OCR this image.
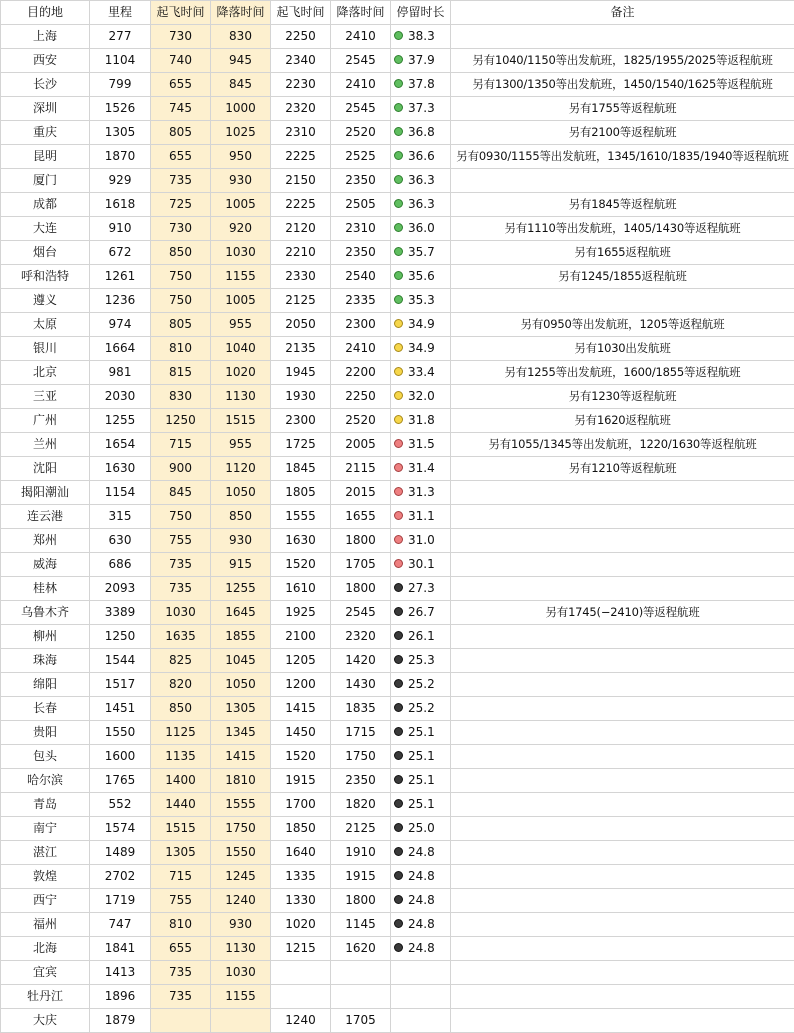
目的地	里程	起飞时间	降落时间	起飞时间	降落时间	停留时长	备注
上海	277	730	830	2250	2410	38.3	
西安	1104	740	945	2340	2545	37.9	另有1040/1150等出发航班，1825/1955/2025等返程航班
长沙	799	655	845	2230	2410	37.8	另有1300/1350等出发航班，1450/1540/1625等返程航班
深圳	1526	745	1000	2320	2545	37.3	另有1755等返程航班
重庆	1305	805	1025	2310	2520	36.8	另有2100等返程航班
昆明	1870	655	950	2225	2525	36.6	另有0930/1155等出发航班，1345/1610/1835/1940等返程航班
厦门	929	735	930	2150	2350	36.3	
成都	1618	725	1005	2225	2505	36.3	另有1845等返程航班
大连	910	730	920	2120	2310	36.0	另有1110等出发航班，1405/1430等返程航班
烟台	672	850	1030	2210	2350	35.7	另有1655返程航班
呼和浩特	1261	750	1155	2330	2540	35.6	另有1245/1855返程航班
遵义	1236	750	1005	2125	2335	35.3	
太原	974	805	955	2050	2300	34.9	另有0950等出发航班，1205等返程航班
银川	1664	810	1040	2135	2410	34.9	另有1030出发航班
北京	981	815	1020	1945	2200	33.4	另有1255等出发航班，1600/1855等返程航班
三亚	2030	830	1130	1930	2250	32.0	另有1230等返程航班
广州	1255	1250	1515	2300	2520	31.8	另有1620返程航班
兰州	1654	715	955	1725	2005	31.5	另有1055/1345等出发航班，1220/1630等返程航班
沈阳	1630	900	1120	1845	2115	31.4	另有1210等返程航班
揭阳潮汕	1154	845	1050	1805	2015	31.3	
连云港	315	750	850	1555	1655	31.1	
郑州	630	755	930	1630	1800	31.0	
威海	686	735	915	1520	1705	30.1	
桂林	2093	735	1255	1610	1800	27.3	
乌鲁木齐	3389	1030	1645	1925	2545	26.7	另有1745(−2410)等返程航班
柳州	1250	1635	1855	2100	2320	26.1	
珠海	1544	825	1045	1205	1420	25.3	
绵阳	1517	820	1050	1200	1430	25.2	
长春	1451	850	1305	1415	1835	25.2	
贵阳	1550	1125	1345	1450	1715	25.1	
包头	1600	1135	1415	1520	1750	25.1	
哈尔滨	1765	1400	1810	1915	2350	25.1	
青岛	552	1440	1555	1700	1820	25.1	
南宁	1574	1515	1750	1850	2125	25.0	
湛江	1489	1305	1550	1640	1910	24.8	
敦煌	2702	715	1245	1335	1915	24.8	
西宁	1719	755	1240	1330	1800	24.8	
福州	747	810	930	1020	1145	24.8	
北海	1841	655	1130	1215	1620	24.8	
宜宾	1413	735	1030				
牡丹江	1896	735	1155				
大庆	1879			1240	1705		
